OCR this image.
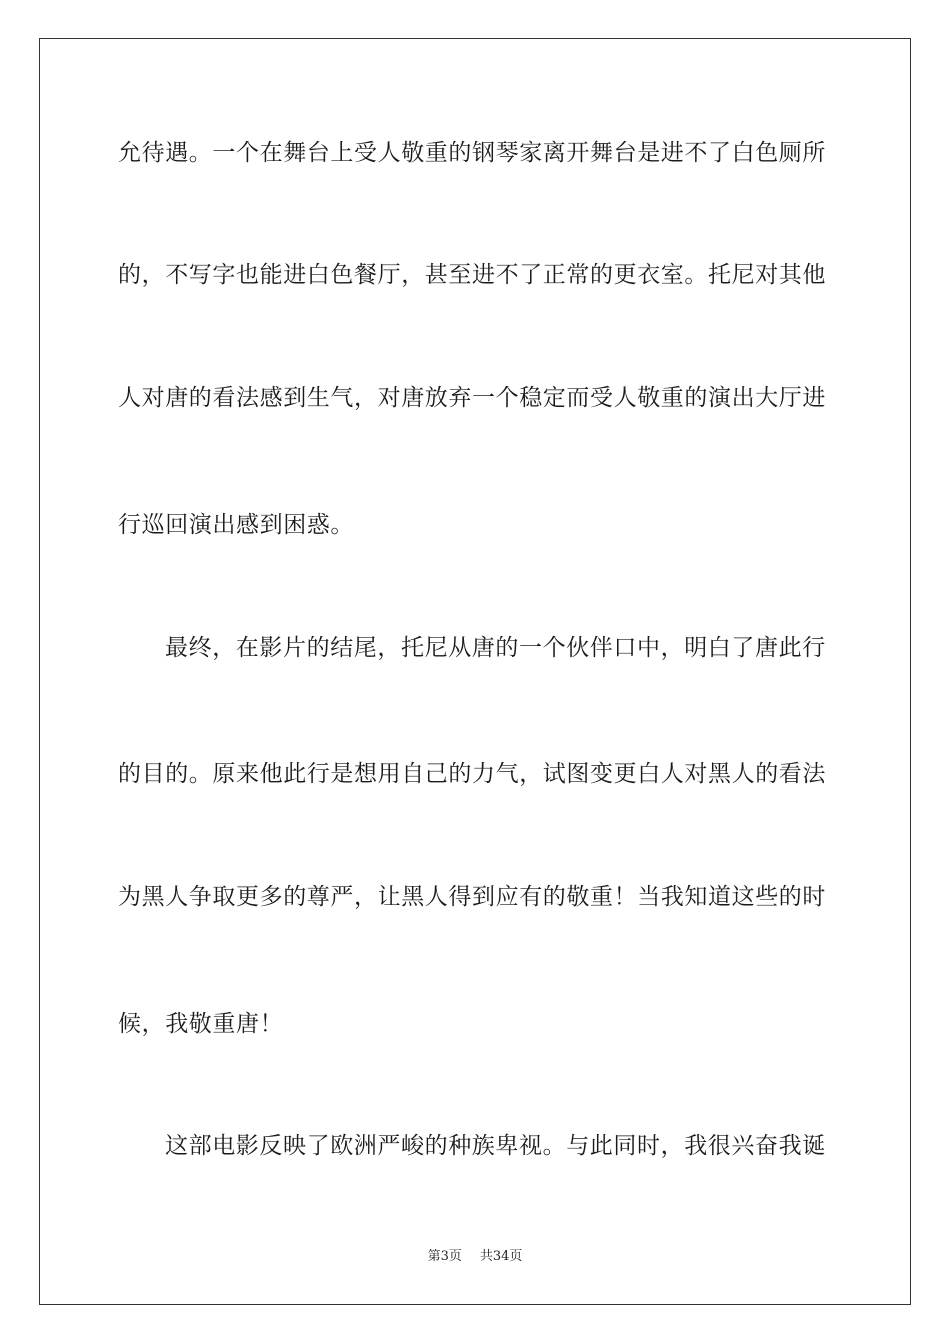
允待遇。一个在舞台上受人敬重的钢琴家离开舞台是进不了白色厕所
的，不写字也能进白色餐厅，甚至进不了正常的更衣室。托尼对其他
人对唐的看法感到生气，对唐放弃一个稳定而受人敬重的演出大厅进
行巡回演出感到困惑。
最终，在影片的结尾，托尼从唐的一个伙伴口中，明白了唐此行
的目的。原来他此行是想用自己的力气，试图变更白人对黑人的看法
为黑人争取更多的尊严，让黑人得到应有的敬重！当我知道这些的时
候，我敬重唐！
这部电影反映了欧洲严峻的种族卑视。与此同时，我很兴奋我诞
第3页 共34页
